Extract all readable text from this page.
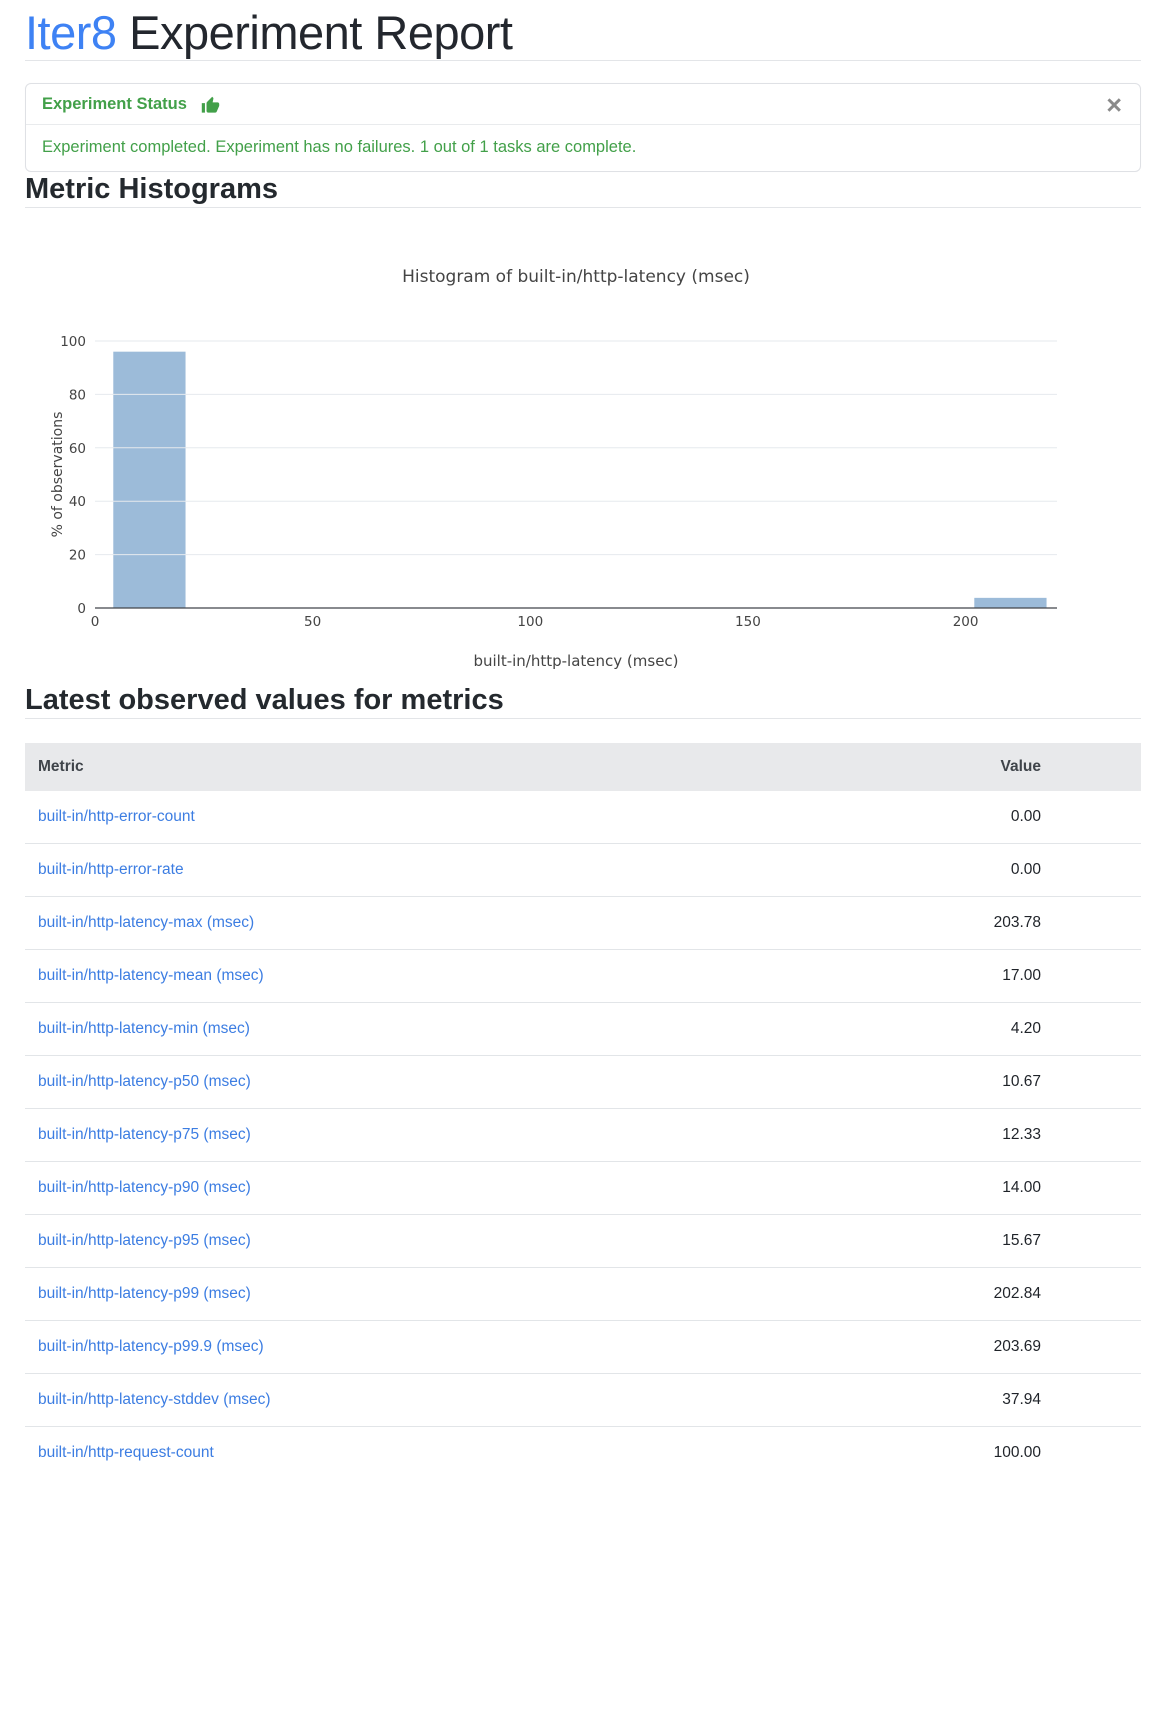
Iter8 Experiment Report
Experiment Status	×
Experiment completed. Experiment has no failures. 1 out of 1 tasks are complete.
Metric Histograms
Histogram of built-in/http-latency (msec)
0
20
40
60
80
100
0	50	100	150	200
built-in/http-latency (msec)
% of observations
Latest observed values for metrics
Metric	Value
built-in/http-error-count	0.00
built-in/http-error-rate	0.00
built-in/http-latency-max (msec)	203.78
built-in/http-latency-mean (msec)	17.00
built-in/http-latency-min (msec)	4.20
built-in/http-latency-p50 (msec)	10.67
built-in/http-latency-p75 (msec)	12.33
built-in/http-latency-p90 (msec)	14.00
built-in/http-latency-p95 (msec)	15.67
built-in/http-latency-p99 (msec)	202.84
built-in/http-latency-p99.9 (msec)	203.69
built-in/http-latency-stddev (msec)	37.94
built-in/http-request-count	100.00
